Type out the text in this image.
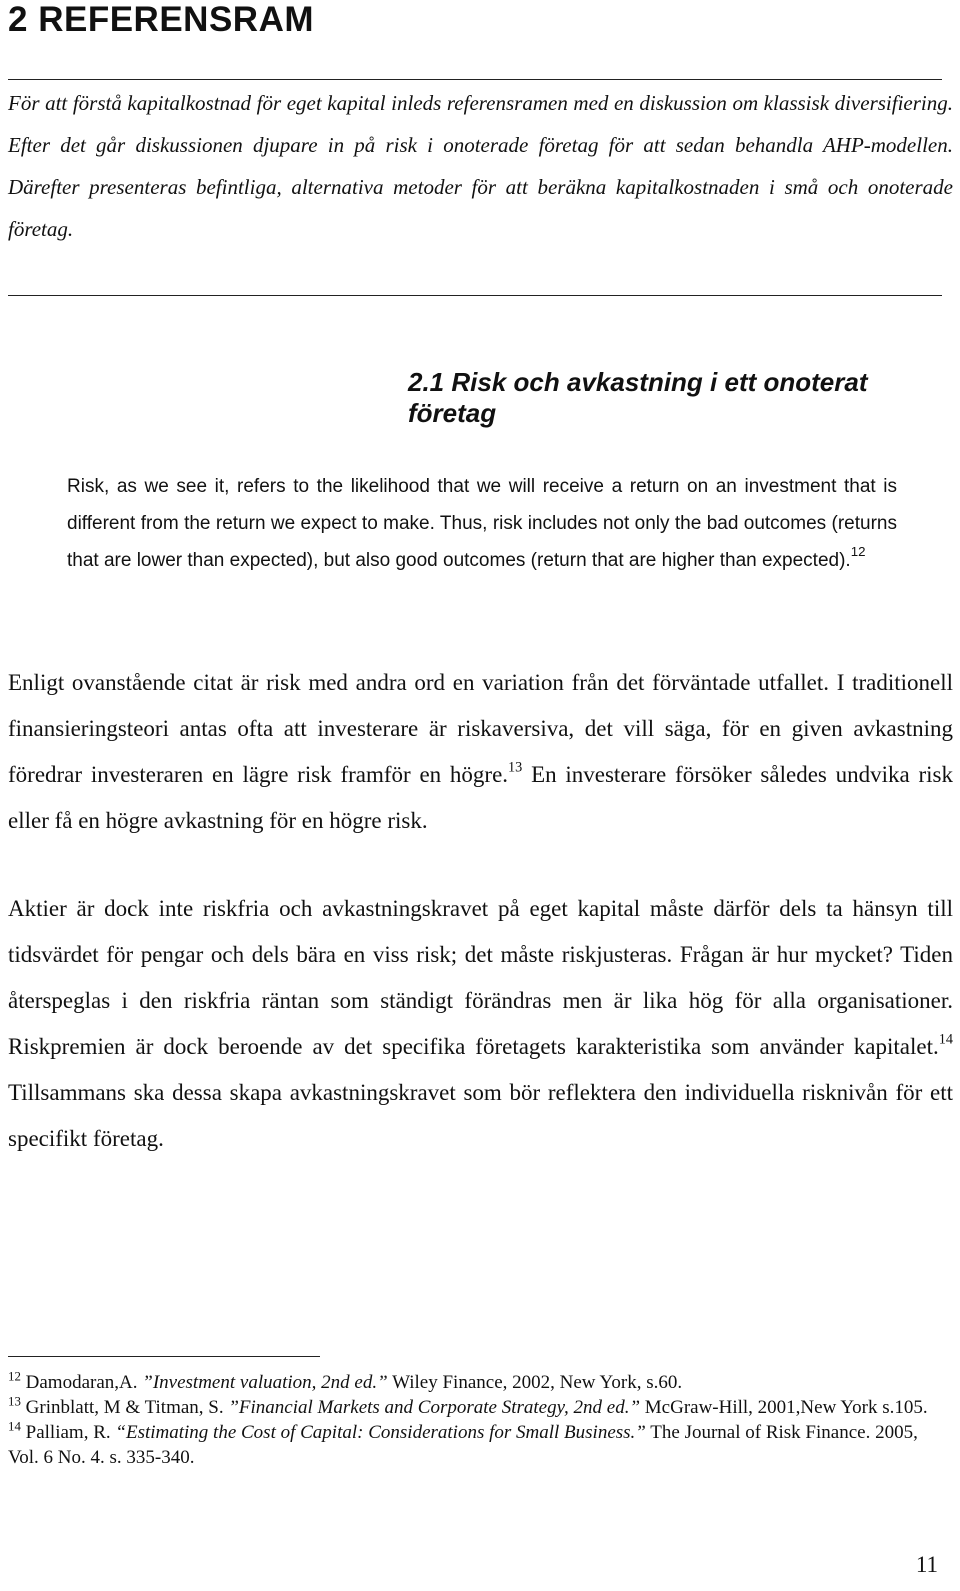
2 REFERENSRAM

För att förstå kapitalkostnad för eget kapital inleds referensramen med en diskussion om klassisk diversifiering. Efter det går diskussionen djupare in på risk i onoterade företag för att sedan behandla AHP-modellen. Därefter presenteras befintliga, alternativa metoder för att beräkna kapitalkostnaden i små och onoterade företag.

2.1 Risk och avkastning i ett onoterat företag

Risk, as we see it, refers to the likelihood that we will receive a return on an investment that is different from the return we expect to make. Thus, risk includes not only the bad outcomes (returns that are lower than expected), but also good outcomes (return that are higher than expected).$^{12}$

Enligt ovanstående citat är risk med andra ord en variation från det förväntade utfallet. I traditionell finansieringsteori antas ofta att investerare är riskaversiva, det vill säga, för en given avkastning föredrar investeraren en lägre risk framför en högre.$^{13}$ En investerare försöker således undvika risk eller få en högre avkastning för en högre risk.

Aktier är dock inte riskfria och avkastningskravet på eget kapital måste därför dels ta hänsyn till tidsvärdet för pengar och dels bära en viss risk; det måste riskjusteras. Frågan är hur mycket? Tiden återspeglas i den riskfria räntan som ständigt förändras men är lika hög för alla organisationer. Riskpremien är dock beroende av det specifika företagets karakteristika som använder kapitalet.$^{14}$ Tillsammans ska dessa skapa avkastningskravet som bör reflektera den individuella risknivån för ett specifikt företag.

$^{12}$ Damodaran,A. ”Investment valuation, 2nd ed.” Wiley Finance, 2002, New York, s.60.

$^{13}$ Grinblatt, M & Titman, S. ”Financial Markets and Corporate Strategy, 2nd ed.” McGraw-Hill, 2001,New York s.105.

$^{14}$ Palliam, R. “Estimating the Cost of Capital: Considerations for Small Business.” The Journal of Risk Finance. 2005, Vol. 6 No. 4. s. 335-340.

11
